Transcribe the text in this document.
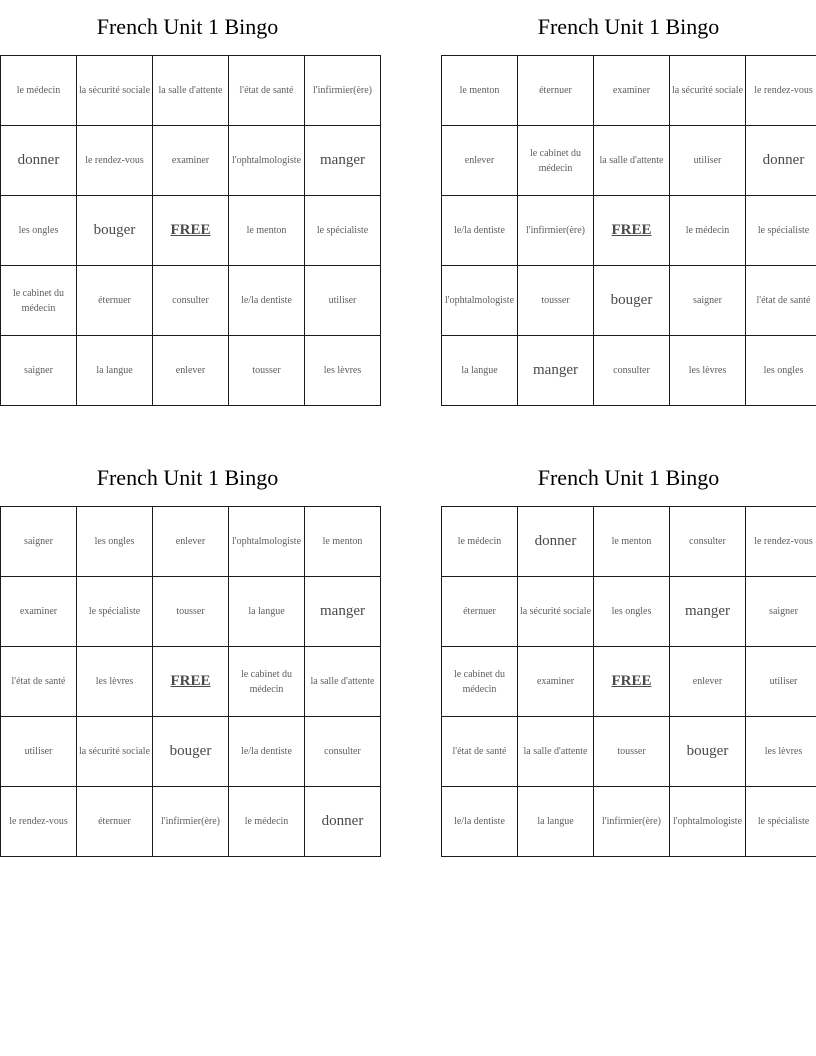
French Unit 1 Bingo
le médecin	la sécurité sociale	la salle d'attente	l'état de santé	l'infirmier(ère)
donner	le rendez-vous	examiner	l'ophtalmologiste	manger
les ongles	bouger	FREE	le menton	le spécialiste
le cabinet du médecin	éternuer	consulter	le/la dentiste	utiliser
saigner	la langue	enlever	tousser	les lèvres
French Unit 1 Bingo
le menton	éternuer	examiner	la sécurité sociale	le rendez-vous
enlever	le cabinet du médecin	la salle d'attente	utiliser	donner
le/la dentiste	l'infirmier(ère)	FREE	le médecin	le spécialiste
l'ophtalmologiste	tousser	bouger	saigner	l'état de santé
la langue	manger	consulter	les lèvres	les ongles
French Unit 1 Bingo
saigner	les ongles	enlever	l'ophtalmologiste	le menton
examiner	le spécialiste	tousser	la langue	manger
l'état de santé	les lèvres	FREE	le cabinet du médecin	la salle d'attente
utiliser	la sécurité sociale	bouger	le/la dentiste	consulter
le rendez-vous	éternuer	l'infirmier(ère)	le médecin	donner
French Unit 1 Bingo
le médecin	donner	le menton	consulter	le rendez-vous
éternuer	la sécurité sociale	les ongles	manger	saigner
le cabinet du médecin	examiner	FREE	enlever	utiliser
l'état de santé	la salle d'attente	tousser	bouger	les lèvres
le/la dentiste	la langue	l'infirmier(ère)	l'ophtalmologiste	le spécialiste
